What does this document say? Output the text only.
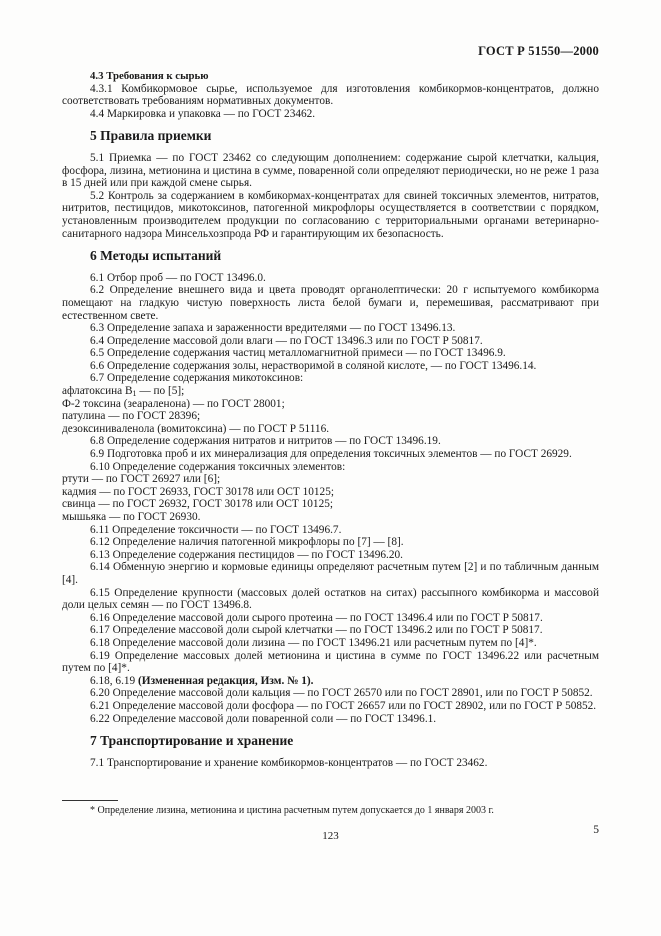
ГОСТ Р 51550—2000

4.3 Требования к сырью

4.3.1 Комбикормовое сырье, используемое для изготовления комбикормов-концентратов, должно соответствовать требованиям нормативных документов.

4.4 Маркировка и упаковка — по ГОСТ 23462.

5 Правила приемки

5.1 Приемка — по ГОСТ 23462 со следующим дополнением: содержание сырой клетчатки, кальция, фосфора, лизина, метионина и цистина в сумме, поваренной соли определяют периодически, но не реже 1 раза в 15 дней или при каждой смене сырья.

5.2 Контроль за содержанием в комбикормах-концентратах для свиней токсичных элементов, нитратов, нитритов, пестицидов, микотоксинов, патогенной микрофлоры осуществляется в соответствии с порядком, установленным производителем продукции по согласованию с территориальными органами ветеринарно-санитарного надзора Минсельхозпрода РФ и гарантирующим их безопасность.

6 Методы испытаний

6.1 Отбор проб — по ГОСТ 13496.0.

6.2 Определение внешнего вида и цвета проводят органолептически: 20 г испытуемого комбикорма помещают на гладкую чистую поверхность листа белой бумаги и, перемешивая, рассматривают при естественном свете.

6.3 Определение запаха и зараженности вредителями — по ГОСТ 13496.13.

6.4 Определение массовой доли влаги — по ГОСТ 13496.3 или по ГОСТ Р 50817.

6.5 Определение содержания частиц металломагнитной примеси — по ГОСТ 13496.9.

6.6 Определение содержания золы, нерастворимой в соляной кислоте, — по ГОСТ 13496.14.

6.7 Определение содержания микотоксинов:

афлатоксина $B_1$ — по [5];

Ф-2 токсина (зеараленона) — по ГОСТ 28001;

патулина — по ГОСТ 28396;

дезоксиниваленола (вомитоксина) — по ГОСТ Р 51116.

6.8 Определение содержания нитратов и нитритов — по ГОСТ 13496.19.

6.9 Подготовка проб и их минерализация для определения токсичных элементов — по ГОСТ 26929.

6.10 Определение содержания токсичных элементов:

ртути — по ГОСТ 26927 или [6];

кадмия — по ГОСТ 26933, ГОСТ 30178 или ОСТ 10125;

свинца — по ГОСТ 26932, ГОСТ 30178 или ОСТ 10125;

мышьяка — по ГОСТ 26930.

6.11 Определение токсичности — по ГОСТ 13496.7.

6.12 Определение наличия патогенной микрофлоры по [7] — [8].

6.13 Определение содержания пестицидов — по ГОСТ 13496.20.

6.14 Обменную энергию и кормовые единицы определяют расчетным путем [2] и по табличным данным [4].

6.15 Определение крупности (массовых долей остатков на ситах) рассыпного комбикорма и массовой доли целых семян — по ГОСТ 13496.8.

6.16 Определение массовой доли сырого протеина — по ГОСТ 13496.4 или по ГОСТ Р 50817.

6.17 Определение массовой доли сырой клетчатки — по ГОСТ 13496.2 или по ГОСТ Р 50817.

6.18 Определение массовой доли лизина — по ГОСТ 13496.21 или расчетным путем по [4]*.

6.19 Определение массовых долей метионина и цистина в сумме по ГОСТ 13496.22 или расчетным путем по [4]*.

6.18, 6.19 (Измененная редакция, Изм. № 1).

6.20 Определение массовой доли кальция — по ГОСТ 26570 или по ГОСТ 28901, или по ГОСТ Р 50852.

6.21 Определение массовой доли фосфора — по ГОСТ 26657 или по ГОСТ 28902, или по ГОСТ Р 50852.

6.22 Определение массовой доли поваренной соли — по ГОСТ 13496.1.

7 Транспортирование и хранение

7.1 Транспортирование и хранение комбикормов-концентратов — по ГОСТ 23462.

* Определение лизина, метионина и цистина расчетным путем допускается до 1 января 2003 г.
123	5
